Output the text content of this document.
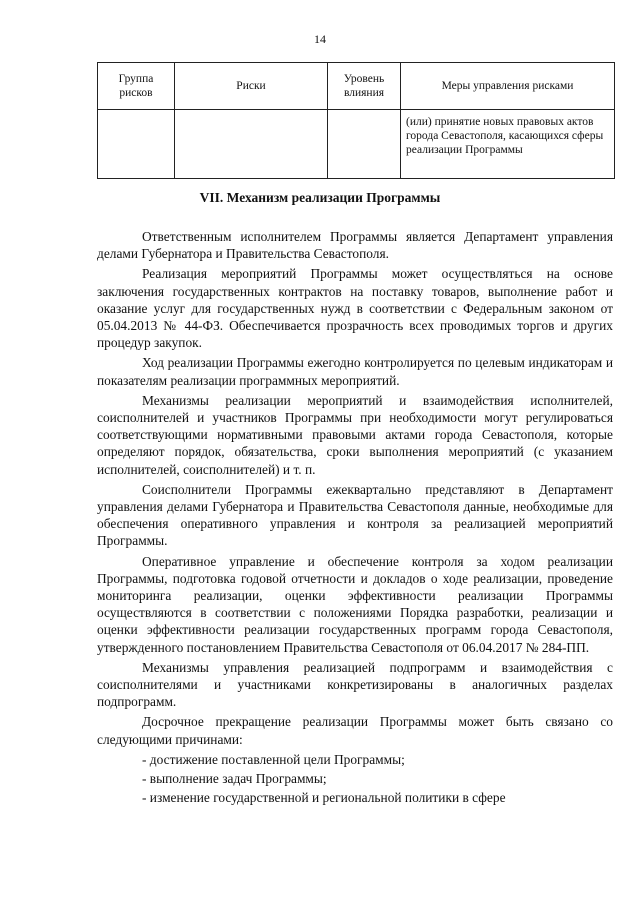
14
Группа рисков	Риски	Уровень влияния	Меры управления рисками
			(или) принятие новых правовых актов города Севастополя, касающихся сферы реализации Программы
VII. Механизм реализации Программы

Ответственным исполнителем Программы является Департамент управления делами Губернатора и Правительства Севастополя.

Реализация мероприятий Программы может осуществляться на основе заключения государственных контрактов на поставку товаров, выполнение работ и оказание услуг для государственных нужд в соответствии с Федеральным законом от 05.04.2013 № 44-ФЗ. Обеспечивается прозрачность всех проводимых торгов и других процедур закупок.

Ход реализации Программы ежегодно контролируется по целевым индикаторам и показателям реализации программных мероприятий.

Механизмы реализации мероприятий и взаимодействия исполнителей, соисполнителей и участников Программы при необходимости могут регулироваться соответствующими нормативными правовыми актами города Севастополя, которые определяют порядок, обязательства, сроки выполнения мероприятий (с указанием исполнителей, соисполнителей) и т. п.

Соисполнители Программы ежеквартально представляют в Департамент управления делами Губернатора и Правительства Севастополя данные, необходимые для обеспечения оперативного управления и контроля за реализацией мероприятий Программы.

Оперативное управление и обеспечение контроля за ходом реализации Программы, подготовка годовой отчетности и докладов о ходе реализации, проведение мониторинга реализации, оценки эффективности реализации Программы осуществляются в соответствии с положениями Порядка разработки, реализации и оценки эффективности реализации государственных программ города Севастополя, утвержденного постановлением Правительства Севастополя от 06.04.2017 № 284-ПП.

Механизмы управления реализацией подпрограмм и взаимодействия с соисполнителями и участниками конкретизированы в аналогичных разделах подпрограмм.

Досрочное прекращение реализации Программы может быть связано со следующими причинами:

- достижение поставленной цели Программы;

- выполнение задач Программы;

- изменение государственной и региональной политики в сфере
